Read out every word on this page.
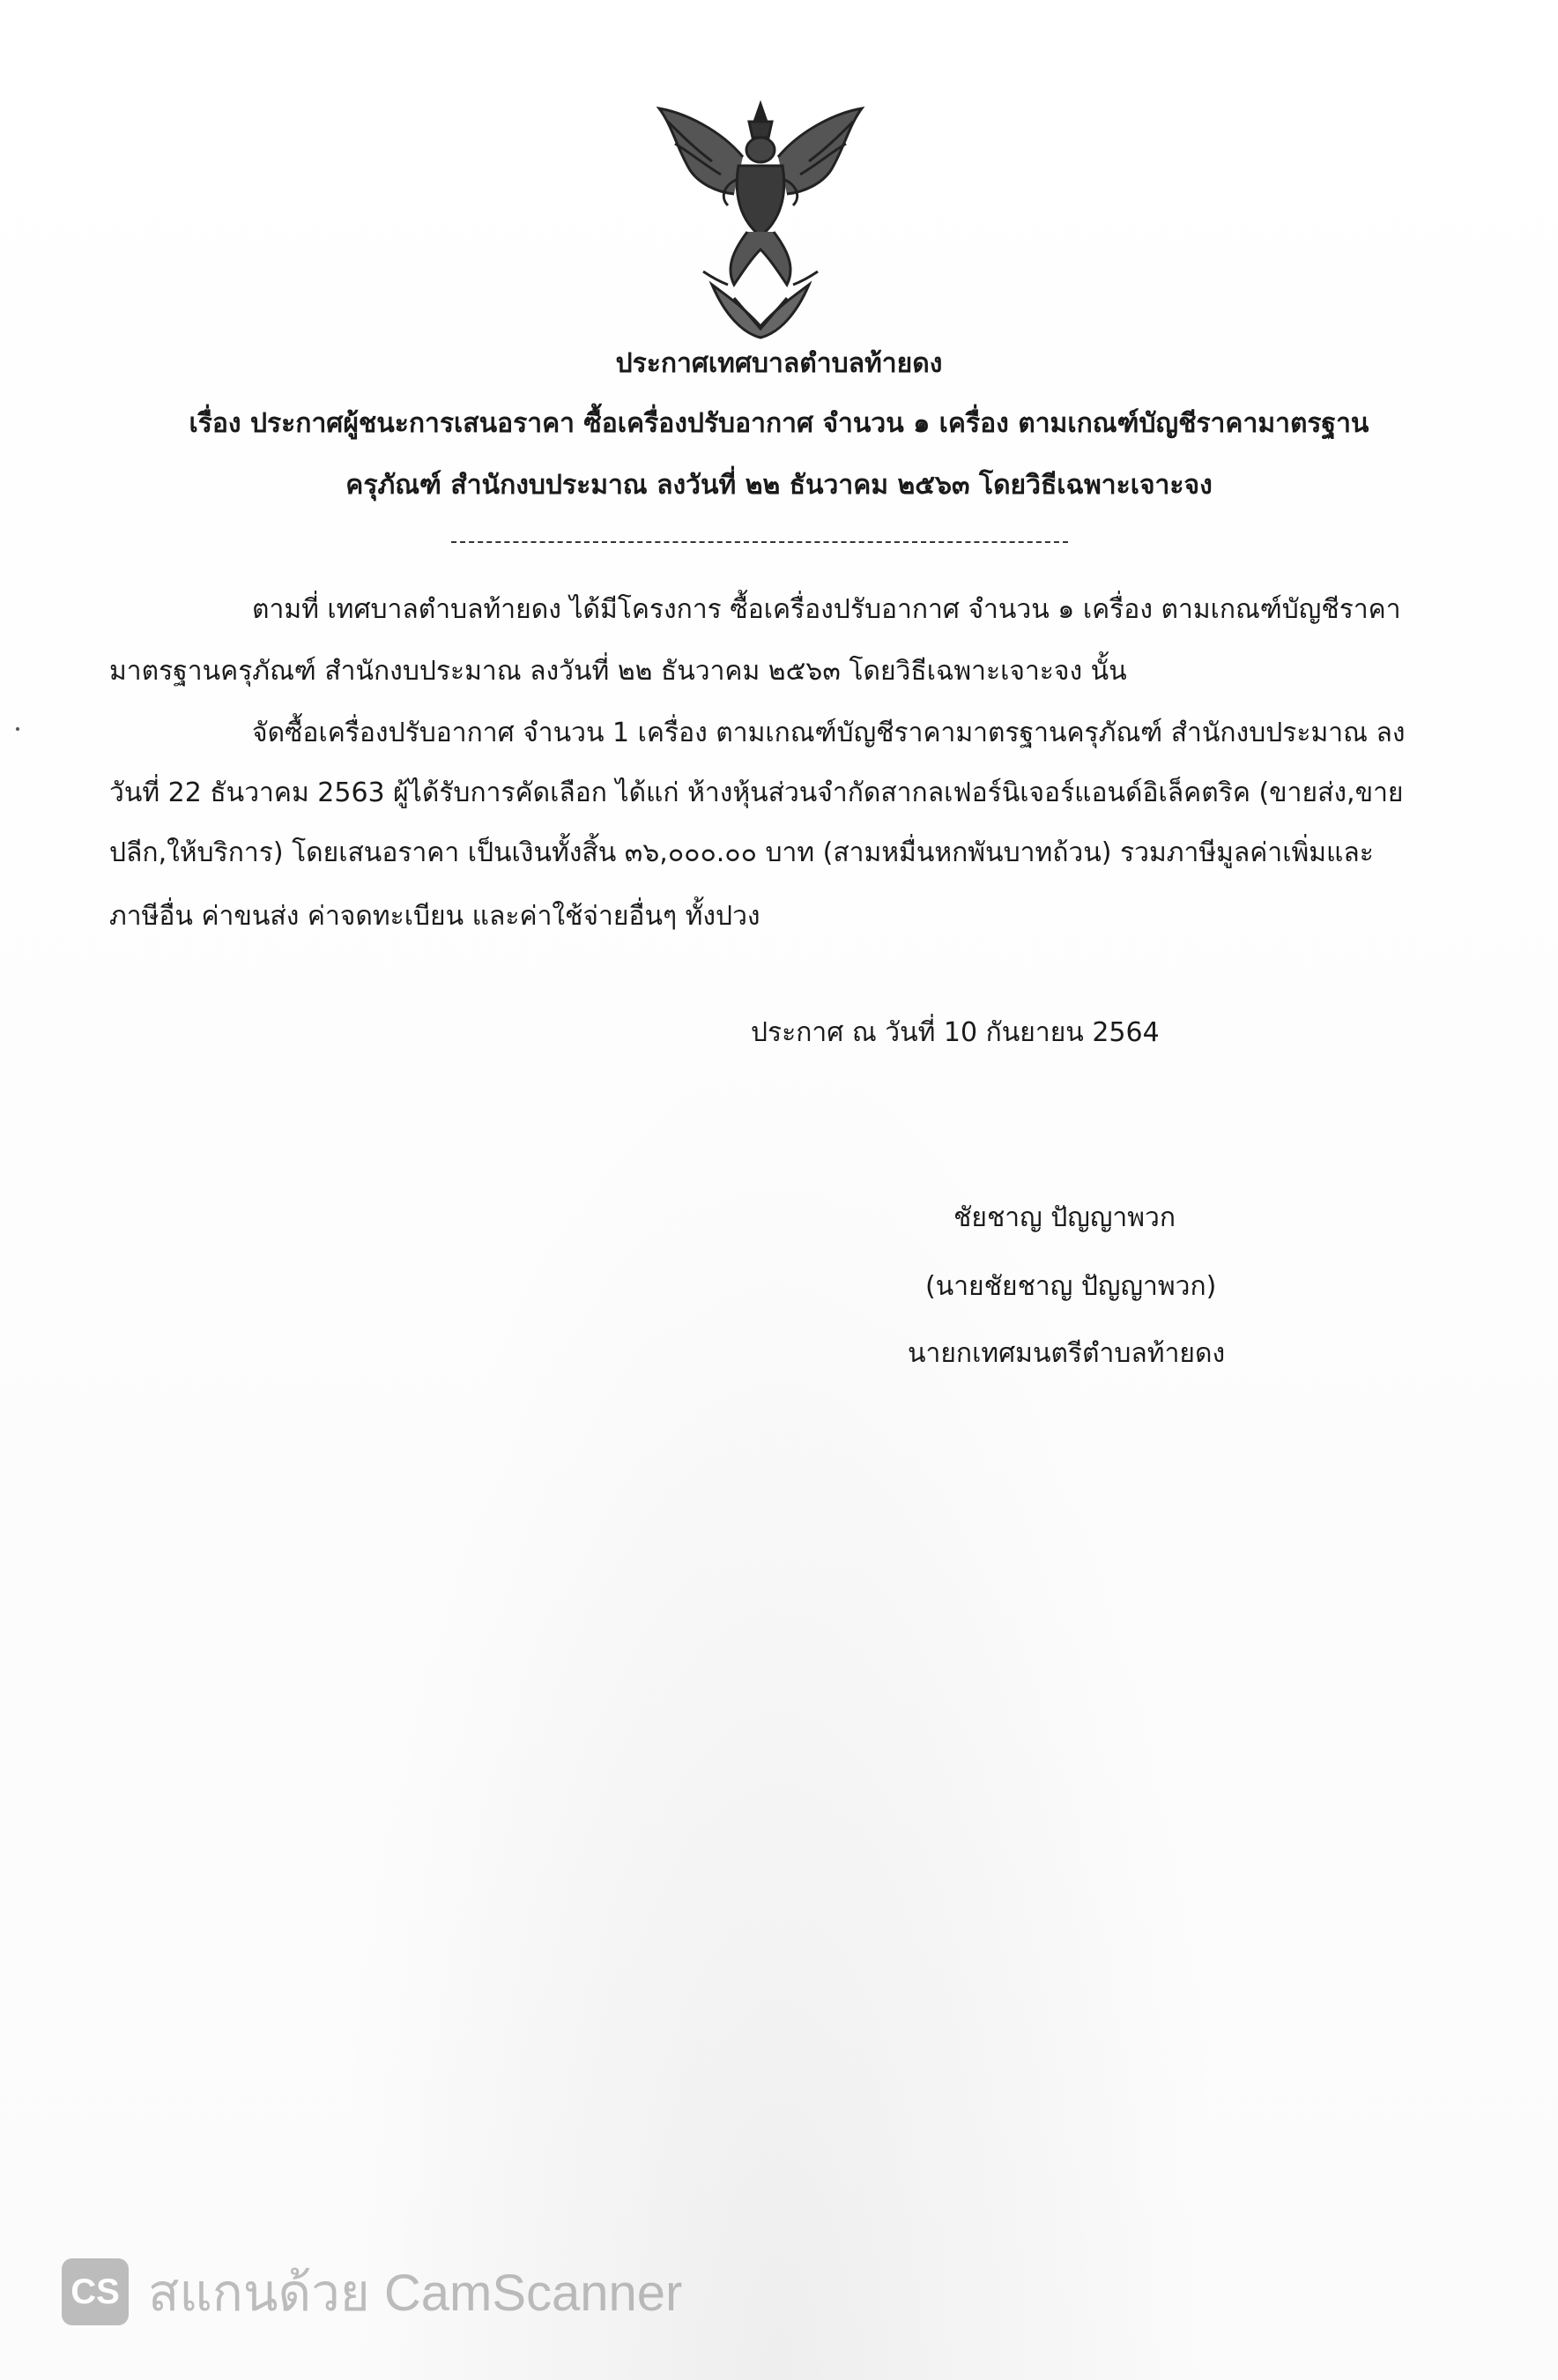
ประกาศเทศบาลตำบลท้ายดง
เรื่อง ประกาศผู้ชนะการเสนอราคา ซื้อเครื่องปรับอากาศ จำนวน ๑ เครื่อง ตามเกณฑ์บัญชีราคามาตรฐาน
ครุภัณฑ์ สำนักงบประมาณ ลงวันที่ ๒๒ ธันวาคม ๒๕๖๓ โดยวิธีเฉพาะเจาะจง
ตามที่ เทศบาลตำบลท้ายดง ได้มีโครงการ ซื้อเครื่องปรับอากาศ จำนวน ๑ เครื่อง ตามเกณฑ์บัญชีราคา
มาตรฐานครุภัณฑ์ สำนักงบประมาณ ลงวันที่ ๒๒ ธันวาคม ๒๕๖๓ โดยวิธีเฉพาะเจาะจง นั้น
จัดซื้อเครื่องปรับอากาศ จำนวน 1 เครื่อง ตามเกณฑ์บัญชีราคามาตรฐานครุภัณฑ์ สำนักงบประมาณ ลง
วันที่ 22 ธันวาคม 2563 ผู้ได้รับการคัดเลือก ได้แก่ ห้างหุ้นส่วนจำกัดสากลเฟอร์นิเจอร์แอนด์อิเล็คตริค (ขายส่ง,ขาย
ปลีก,ให้บริการ) โดยเสนอราคา เป็นเงินทั้งสิ้น ๓๖,๐๐๐.๐๐ บาท (สามหมื่นหกพันบาทถ้วน) รวมภาษีมูลค่าเพิ่มและ
ภาษีอื่น ค่าขนส่ง ค่าจดทะเบียน และค่าใช้จ่ายอื่นๆ ทั้งปวง
ประกาศ ณ วันที่ 10 กันยายน 2564
ชัยชาญ ปัญญาพวก
(นายชัยชาญ ปัญญาพวก)
นายกเทศมนตรีตำบลท้ายดง
CS สแกนด้วย CamScanner
